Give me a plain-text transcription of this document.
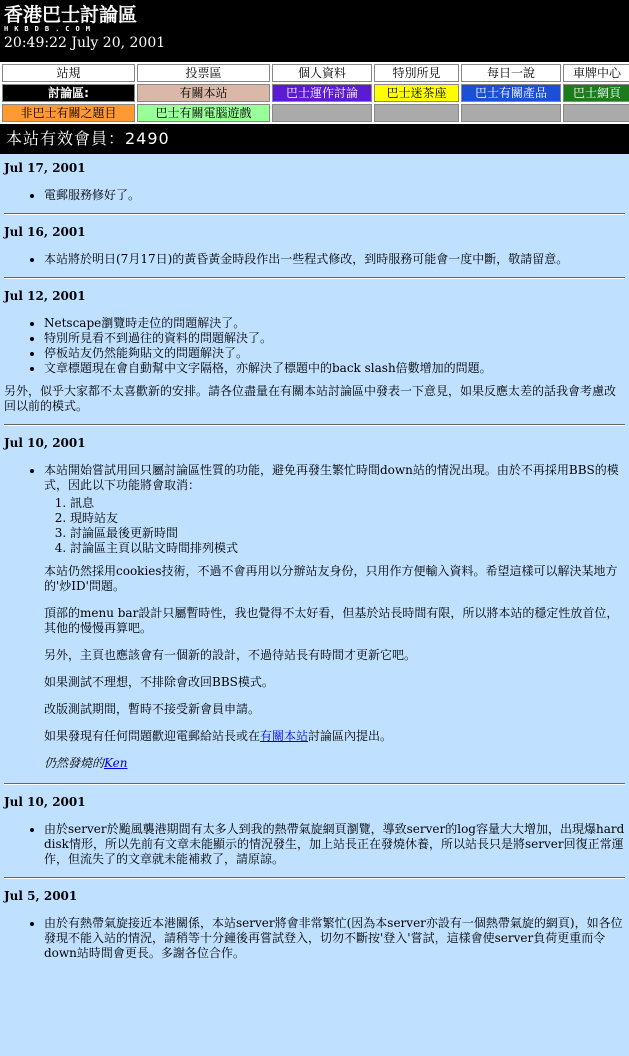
香港巴士討論區
HKBDB.COM
20:49:22 July 20, 2001
站規	投票區	個人資料	特別所見	每日一說	車牌中心
討論區:	有關本站	巴士運作討論	巴士迷茶座	巴士有關產品	巴士網頁
非巴士有關之題目	巴士有關電腦遊戲				
本站有效會員：2490
Jul 17, 2001
• 電郵服務修好了。
Jul 16, 2001
• 本站將於明日(7月17日)的黃昏黃金時段作出一些程式修改，到時服務可能會一度中斷，敬請留意。
Jul 12, 2001
• Netscape瀏覽時走位的問題解決了。
• 特別所見看不到過往的資料的問題解決了。
• 停板站友仍然能夠貼文的問題解決了。
• 文章標題現在會自動幫中文字隔格，亦解決了標題中的back slash倍數增加的問題。

另外，似乎大家都不太喜歡新的安排。請各位盡量在有關本站討論區中發表一下意見，如果反應太差的話我會考慮改回以前的模式。

Jul 10, 2001
• 本站開始嘗試用回只屬討論區性質的功能，避免再發生繁忙時間down站的情況出現。由於不再採用BBS的模式，因此以下功能將會取消：
1. 訊息
2. 現時站友
3. 討論區最後更新時間
4. 討論區主頁以貼文時間排列模式

本站仍然採用cookies技術，不過不會再用以分辦站友身份，只用作方便輸入資料。希望這樣可以解決某地方的'炒ID'問題。

頂部的menu bar設計只屬暫時性，我也覺得不太好看，但基於站長時間有限，所以將本站的穩定性放首位，其他的慢慢再算吧。

另外，主頁也應該會有一個新的設計，不過待站長有時間才更新它吧。

如果測試不理想，不排除會改回BBS模式。

改版測試期間，暫時不接受新會員申請。

如果發現有任何問題歡迎電郵給站長或在有關本站討論區內提出。

仍然發燒的Ken

Jul 10, 2001
• 由於server於颱風襲港期間有太多人到我的熱帶氣旋網頁瀏覽，導致server的log容量大大增加，出現爆hard disk情形，所以先前有文章未能顯示的情況發生，加上站長正在發燒休養，所以站長只是將server回復正常運作，但流失了的文章就未能補救了，請原諒。
Jul 5, 2001
• 由於有熱帶氣旋接近本港關係，本站server將會非常繁忙(因為本server亦設有一個熱帶氣旋的網頁)，如各位發現不能入站的情況，請稍等十分鐘後再嘗試登入，切勿不斷按'登入'嘗試，這樣會使server負荷更重而令down站時間會更長。多謝各位合作。
